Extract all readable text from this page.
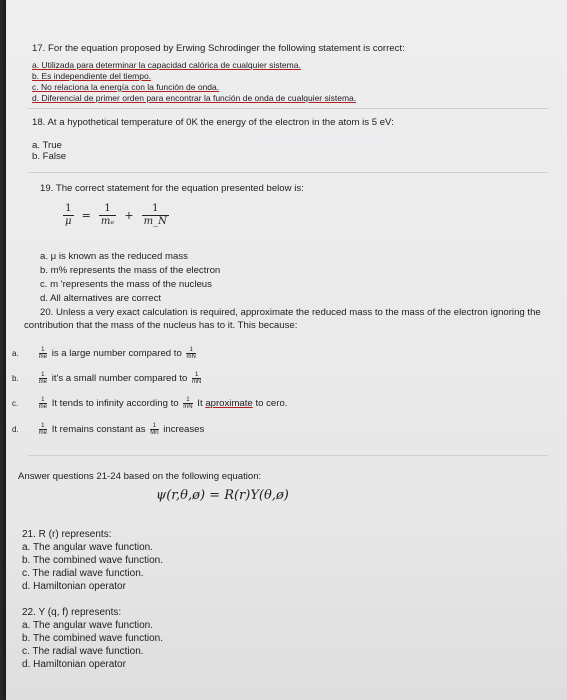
17. For the equation proposed by Erwing Schrodinger the following statement is correct:
a. Utilizada para determinar la capacidad calórica de cualquier sistema.
b. Es independiente del tiempo.
c. No relaciona la energía con la función de onda.
d. Diferencial de primer orden para encontrar la función de onda de cualquier sistema.
18. At a hypothetical temperature of 0K the energy of the electron in the atom is 5 eV:
a. True
b. False
19. The correct statement for the equation presented below is:
$\frac{1}{\mu} = \frac{1}{\text{mₑ}} + \frac{1}{m\_N}$
a. μ is known as the reduced mass
b. m% represents the mass of the electron
c. m 'represents the mass of the nucleus
d. All alternatives are correct
20. Unless a very exact calculation is required, approximate the reduced mass to the mass of the electron ignoring the
contribution that the mass of the nucleus has to it. This because:
a.	$\frac{1}{me}$ is a large number compared to $\frac{1}{mN}$
b.	$\frac{1}{me} it's$ a small number compared to $\frac{1}{mN}$
c.	$\frac{1}{me}$ It tends to infinity according to $\frac{1}{mN}$ It aproximate to cero.
d.	$\frac{1}{me}$ It remains constant as $\frac{1}{Mn}$ increases
Answer questions 21-24 based on the following equation:
ψ(r,θ,ø) = R(r)Y(θ,ø)
21. R (r) represents:
a. The angular wave function.
b. The combined wave function.
c. The radial wave function.
d. Hamiltonian operator
22. Y (q, f) represents:
a. The angular wave function.
b. The combined wave function.
c. The radial wave function.
d. Hamiltonian operator
